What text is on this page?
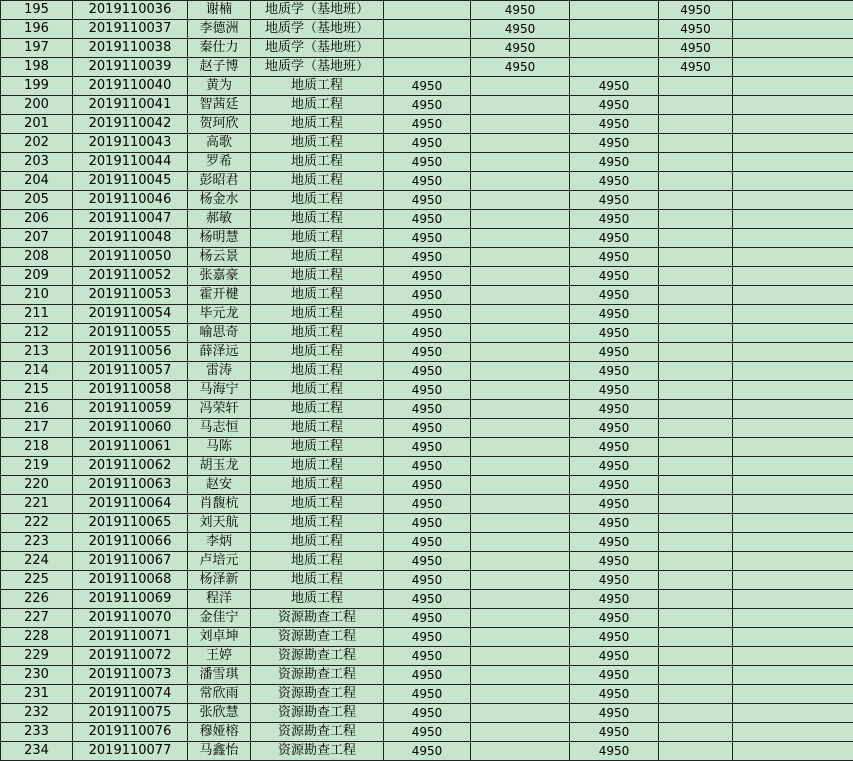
195	2019110036	谢楠	地质学（基地班）		4950		4950	
196	2019110037	李德洲	地质学（基地班）		4950		4950	
197	2019110038	秦仕力	地质学（基地班）		4950		4950	
198	2019110039	赵子博	地质学（基地班）		4950		4950	
199	2019110040	黄为	地质工程	4950		4950		
200	2019110041	智茜廷	地质工程	4950		4950		
201	2019110042	贺珂欣	地质工程	4950		4950		
202	2019110043	高歌	地质工程	4950		4950		
203	2019110044	罗希	地质工程	4950		4950		
204	2019110045	彭昭君	地质工程	4950		4950		
205	2019110046	杨金水	地质工程	4950		4950		
206	2019110047	郝敏	地质工程	4950		4950		
207	2019110048	杨明慧	地质工程	4950		4950		
208	2019110050	杨云景	地质工程	4950		4950		
209	2019110052	张嘉豪	地质工程	4950		4950		
210	2019110053	霍开楗	地质工程	4950		4950		
211	2019110054	毕元龙	地质工程	4950		4950		
212	2019110055	喻思奇	地质工程	4950		4950		
213	2019110056	薛泽远	地质工程	4950		4950		
214	2019110057	雷涛	地质工程	4950		4950		
215	2019110058	马海宁	地质工程	4950		4950		
216	2019110059	冯荣轩	地质工程	4950		4950		
217	2019110060	马志恒	地质工程	4950		4950		
218	2019110061	马陈	地质工程	4950		4950		
219	2019110062	胡玉龙	地质工程	4950		4950		
220	2019110063	赵安	地质工程	4950		4950		
221	2019110064	肖馥杭	地质工程	4950		4950		
222	2019110065	刘天航	地质工程	4950		4950		
223	2019110066	李炳	地质工程	4950		4950		
224	2019110067	卢培元	地质工程	4950		4950		
225	2019110068	杨泽新	地质工程	4950		4950		
226	2019110069	程洋	地质工程	4950		4950		
227	2019110070	金佳宁	资源勘查工程	4950		4950		
228	2019110071	刘卓坤	资源勘查工程	4950		4950		
229	2019110072	王婷	资源勘查工程	4950		4950		
230	2019110073	潘雪琪	资源勘查工程	4950		4950		
231	2019110074	常欣雨	资源勘查工程	4950		4950		
232	2019110075	张欣慧	资源勘查工程	4950		4950		
233	2019110076	穆娅榕	资源勘查工程	4950		4950		
234	2019110077	马鑫怡	资源勘查工程	4950		4950		
